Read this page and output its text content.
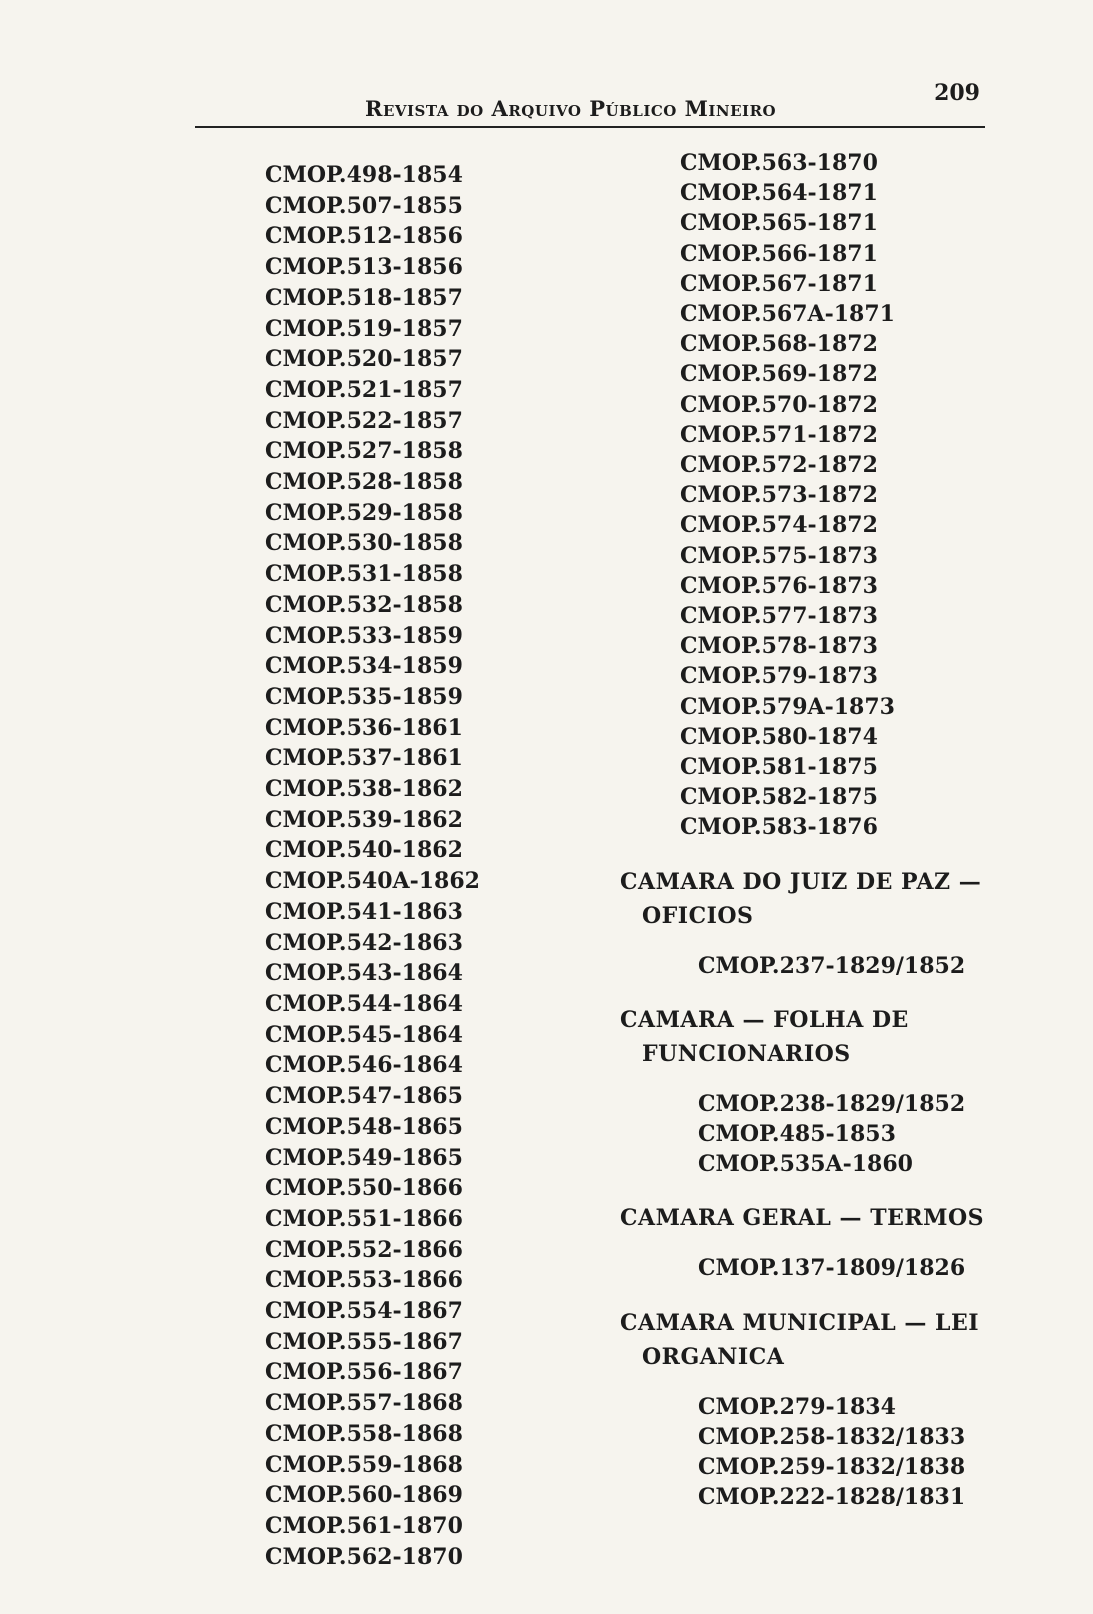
Revista do Arquivo Público Mineiro
209
CMOP.498-1854
CMOP.507-1855
CMOP.512-1856
CMOP.513-1856
CMOP.518-1857
CMOP.519-1857
CMOP.520-1857
CMOP.521-1857
CMOP.522-1857
CMOP.527-1858
CMOP.528-1858
CMOP.529-1858
CMOP.530-1858
CMOP.531-1858
CMOP.532-1858
CMOP.533-1859
CMOP.534-1859
CMOP.535-1859
CMOP.536-1861
CMOP.537-1861
CMOP.538-1862
CMOP.539-1862
CMOP.540-1862
CMOP.540A-1862
CMOP.541-1863
CMOP.542-1863
CMOP.543-1864
CMOP.544-1864
CMOP.545-1864
CMOP.546-1864
CMOP.547-1865
CMOP.548-1865
CMOP.549-1865
CMOP.550-1866
CMOP.551-1866
CMOP.552-1866
CMOP.553-1866
CMOP.554-1867
CMOP.555-1867
CMOP.556-1867
CMOP.557-1868
CMOP.558-1868
CMOP.559-1868
CMOP.560-1869
CMOP.561-1870
CMOP.562-1870
CMOP.563-1870
CMOP.564-1871
CMOP.565-1871
CMOP.566-1871
CMOP.567-1871
CMOP.567A-1871
CMOP.568-1872
CMOP.569-1872
CMOP.570-1872
CMOP.571-1872
CMOP.572-1872
CMOP.573-1872
CMOP.574-1872
CMOP.575-1873
CMOP.576-1873
CMOP.577-1873
CMOP.578-1873
CMOP.579-1873
CMOP.579A-1873
CMOP.580-1874
CMOP.581-1875
CMOP.582-1875
CMOP.583-1876

CAMARA DO JUIZ DE PAZ — OFICIOS

CMOP.237-1829/1852

CAMARA — FOLHA DE FUNCIONARIOS

CMOP.238-1829/1852
CMOP.485-1853
CMOP.535A-1860

CAMARA GERAL — TERMOS

CMOP.137-1809/1826

CAMARA MUNICIPAL — LEI ORGANICA

CMOP.279-1834
CMOP.258-1832/1833
CMOP.259-1832/1838
CMOP.222-1828/1831
